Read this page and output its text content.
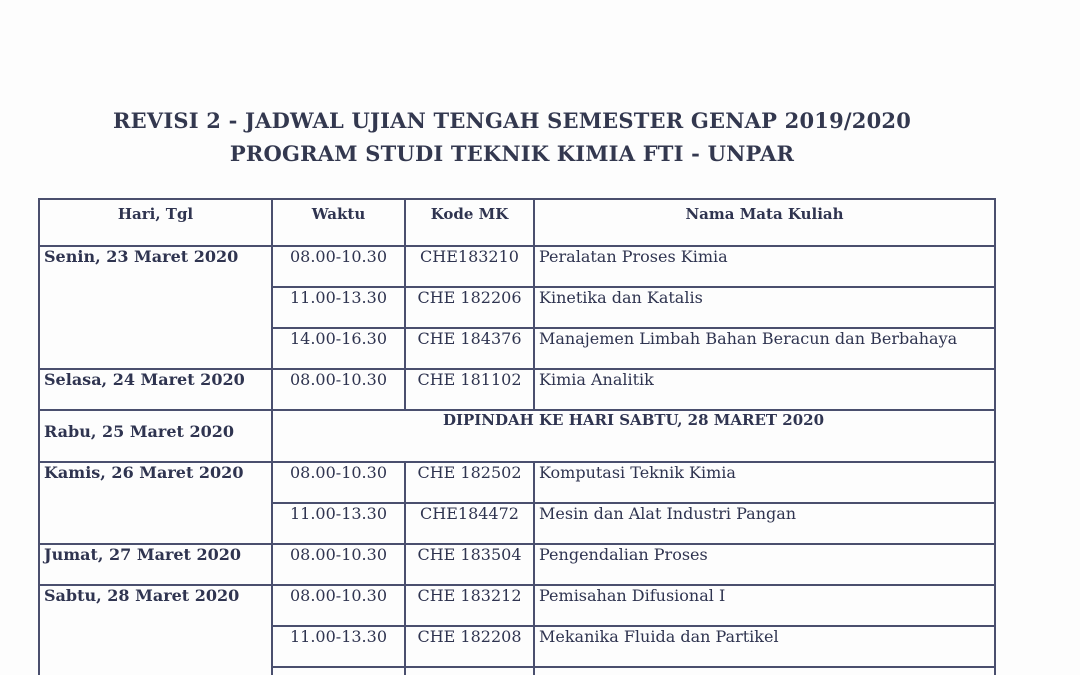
REVISI 2 - JADWAL UJIAN TENGAH SEMESTER GENAP 2019/2020
PROGRAM STUDI TEKNIK KIMIA FTI - UNPAR
Hari, Tgl	Waktu	Kode MK	Nama Mata Kuliah
Senin, 23 Maret 2020	08.00-10.30	CHE183210	Peralatan Proses Kimia
	11.00-13.30	CHE 182206	Kinetika dan Katalis
	14.00-16.30	CHE 184376	Manajemen Limbah Bahan Beracun dan Berbahaya
Selasa, 24 Maret 2020	08.00-10.30	CHE 181102	Kimia Analitik
Rabu, 25 Maret 2020	DIPINDAH KE HARI SABTU, 28 MARET 2020		
Kamis, 26 Maret 2020	08.00-10.30	CHE 182502	Komputasi Teknik Kimia
	11.00-13.30	CHE184472	Mesin dan Alat Industri Pangan
Jumat, 27 Maret 2020	08.00-10.30	CHE 183504	Pengendalian Proses
Sabtu, 28 Maret 2020	08.00-10.30	CHE 183212	Pemisahan Difusional I
	11.00-13.30	CHE 182208	Mekanika Fluida dan Partikel
